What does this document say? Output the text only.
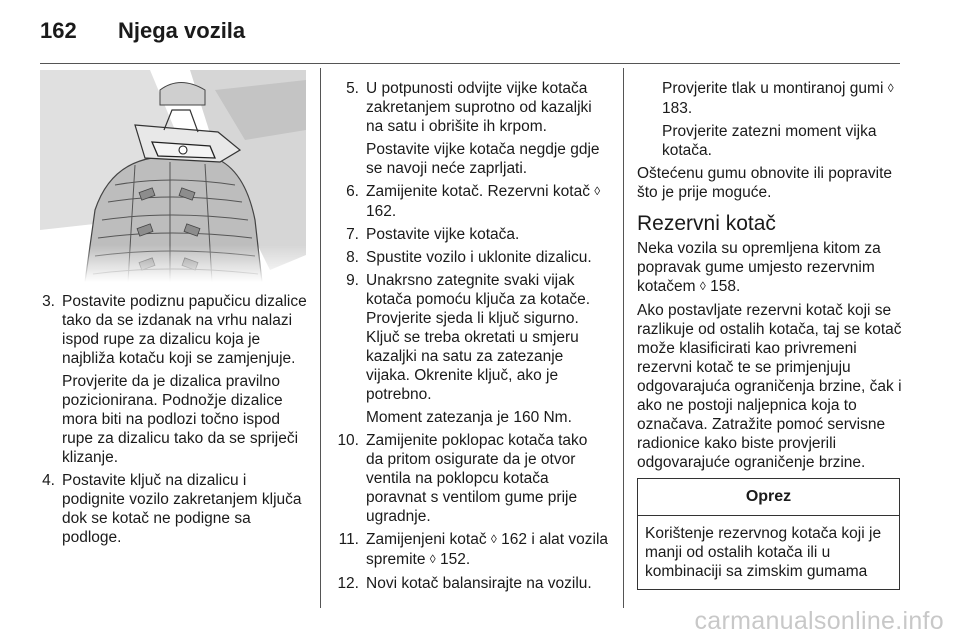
162	Njega vozila
3. Postavite podiznu papučicu dizalice tako da se izdanak na vrhu nalazi ispod rupe za dizalicu koja je najbliža kotaču koji se zamjenjuje.

Provjerite da je dizalica pravilno pozicionirana. Podnožje dizalice mora biti na podlozi točno ispod rupe za dizalicu tako da se spriječi klizanje.

4. Postavite ključ na dizalicu i podignite vozilo zakretanjem ključa dok se kotač ne podigne sa podloge.

5. U potpunosti odvijte vijke kotača zakretanjem suprotno od kazaljki na satu i obrišite ih krpom.

Postavite vijke kotača negdje gdje se navoji neće zaprljati.

6. Zamijenite kotač. Rezervni kotač ◊ 162.
7. Postavite vijke kotača.
8. Spustite vozilo i uklonite dizalicu.
9. Unakrsno zategnite svaki vijak kotača pomoću ključa za kotače. Provjerite sjeda li ključ sigurno. Ključ se treba okretati u smjeru kazaljki na satu za zatezanje vijaka. Okrenite ključ, ako je potrebno.

Moment zatezanja je 160 Nm.

10. Zamijenite poklopac kotača tako da pritom osigurate da je otvor ventila na poklopcu kotača poravnat s ventilom gume prije ugradnje.
11. Zamijenjeni kotač ◊ 162 i alat vozila spremite ◊ 152.
12. Novi kotač balansirajte na vozilu.

Provjerite tlak u montiranoj gumi ◊ 183.

Provjerite zatezni moment vijka kotača.

Oštećenu gumu obnovite ili popravite što je prije moguće.

Rezervni kotač

Neka vozila su opremljena kitom za popravak gume umjesto rezervnim kotačem ◊ 158.

Ako postavljate rezervni kotač koji se razlikuje od ostalih kotača, taj se kotač može klasificirati kao privremeni rezervni kotač te se primjenjuju odgovarajuća ograničenja brzine, čak i ako ne postoji naljepnica koja to označava. Zatražite pomoć servisne radionice kako biste provjerili odgovarajuće ograničenje brzine.

Oprez
Korištenje rezervnog kotača koji je manji od ostalih kotača ili u kombinaciji sa zimskim gumama
carmanualsonline.info
